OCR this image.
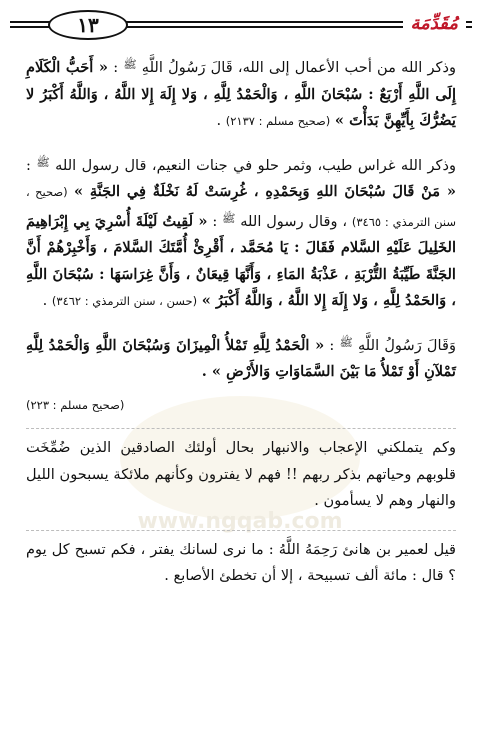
١٣	مُقَدِّمَة
www.ngqab.com

وذكر الله من أحب الأعمال إلى الله، قَالَ رَسُولُ اللَّهِ $^ﷺ$ : « أَحَبُّ الْكَلَامِ إِلَى اللَّهِ أَرْبَعٌ : سُبْحَانَ اللَّهِ ، وَالْحَمْدُ لِلَّهِ ، وَلا إِلَهَ إِلا اللَّهُ ، وَاللَّهُ أَكْبَرُ لا يَضُرُّكَ بِأَيِّهِنَّ بَدَأْتَ » (صحيح مسلم : ٢١٣٧) .

وذكر الله غراس طيب، وثمر حلو في جنات النعيم، قال رسول الله $^ﷺ$ : « مَنْ قَالَ سُبْحَانَ اللهِ وَبِحَمْدِهِ ، غُرِسَتْ لَهُ نَخْلَةٌ فِي الجَنَّةِ » (صحيح ، سنن الترمذي : ٣٤٦٥) ، وقال رسول الله $^ﷺ$ : « لَقِيتُ لَيْلَةَ أُسْرِيَ بِي إِبْرَاهِيمَ الخَلِيلَ عَلَيْهِ السَّلام فَقَالَ : يَا مُحَمَّد ، أَقْرِئْ أُمَّتَكَ السَّلامَ ، وَأَخْبِرْهُمْ أَنَّ الجَنَّةَ طَيِّبَةُ التُّرْبَةِ ، عَذْبَةُ المَاءِ ، وَأَنَّهَا قِيعَانٌ ، وَأَنَّ غِرَاسَهَا : سُبْحَانَ اللَّهِ ، وَالحَمْدُ لِلَّهِ ، وَلا إِلَهَ إِلا اللَّهُ ، وَاللَّهُ أَكْبَرُ » (حسن ، سنن الترمذي : ٣٤٦٢) .

وَقَالَ رَسُولُ اللَّهِ $^ﷺ$ : « الْحَمْدُ لِلَّهِ تَمْلأُ الْمِيزَانَ وَسُبْحَانَ اللَّهِ وَالْحَمْدُ لِلَّهِ تَمْلآنِ أَوْ تَمْلأُ مَا بَيْنَ السَّمَاوَاتِ وَالأَرْضِ » .

(صحيح مسلم : ٢٢٣)

وكم يتملكني الإعجاب والانبهار بحال أولئك الصادقين الذين ضُمِّخَت قلوبهم وحياتهم بذكر ربهم !! فهم لا يفترون وكأنهم ملائكة يسبحون الليل والنهار وهم لا يسأمون .

قيل لعمير بن هانئ رَحِمَهُ اللَّهُ : ما نرى لسانك يفتر ، فكم تسبح كل يوم ؟ قال : مائة ألف تسبيحة ، إلا أن تخطئ الأصابع .
